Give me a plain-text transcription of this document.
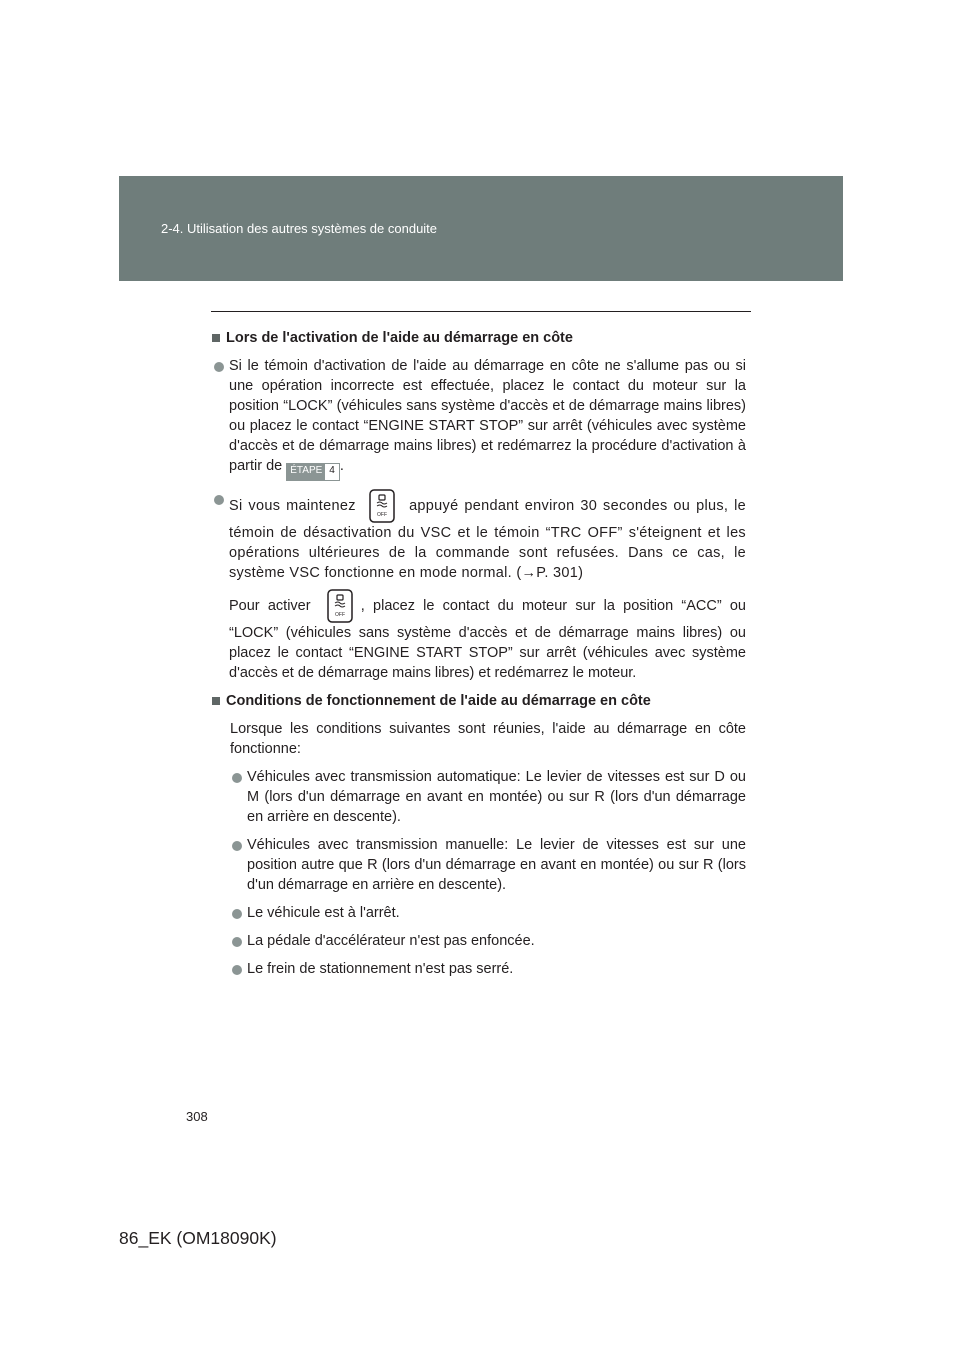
2-4. Utilisation des autres systèmes de conduite
Lors de l'activation de l'aide au démarrage en côte
Si le témoin d'activation de l'aide au démarrage en côte ne s'allume pas ou si une opération incorrecte est effectuée, placez le contact du moteur sur la position “LOCK” (véhicules sans système d'accès et de démarrage mains libres) ou placez le contact “ENGINE START STOP” sur arrêt (véhicules avec système d'accès et de démarrage mains libres) et redémarrez la procédure d'activation à partir de ÉTAPE 4 .
Si vous maintenez
OFF
appuyé pendant environ 30 secondes ou plus, le témoin de désactivation du VSC et le témoin “TRC OFF” s'éteignent et les opérations ultérieures de la commande sont refusées. Dans ce cas, le système VSC fonctionne en mode normal. (→P. 301)
Pour activer
OFF
, placez le contact du moteur sur la position “ACC” ou “LOCK” (véhicules sans système d'accès et de démarrage mains libres) ou placez le contact “ENGINE START STOP” sur arrêt (véhicules avec système d'accès et de démarrage mains libres) et redémarrez le moteur.
Conditions de fonctionnement de l'aide au démarrage en côte
Lorsque les conditions suivantes sont réunies, l'aide au démarrage en côte fonctionne:
Véhicules avec transmission automatique: Le levier de vitesses est sur D ou M (lors d'un démarrage en avant en montée) ou sur R (lors d'un démarrage en arrière en descente).
Véhicules avec transmission manuelle: Le levier de vitesses est sur une position autre que R (lors d'un démarrage en avant en montée) ou sur R (lors d'un démarrage en arrière en descente).
Le véhicule est à l'arrêt.
La pédale d'accélérateur n'est pas enfoncée.
Le frein de stationnement n'est pas serré.
308
86_EK (OM18090K)
